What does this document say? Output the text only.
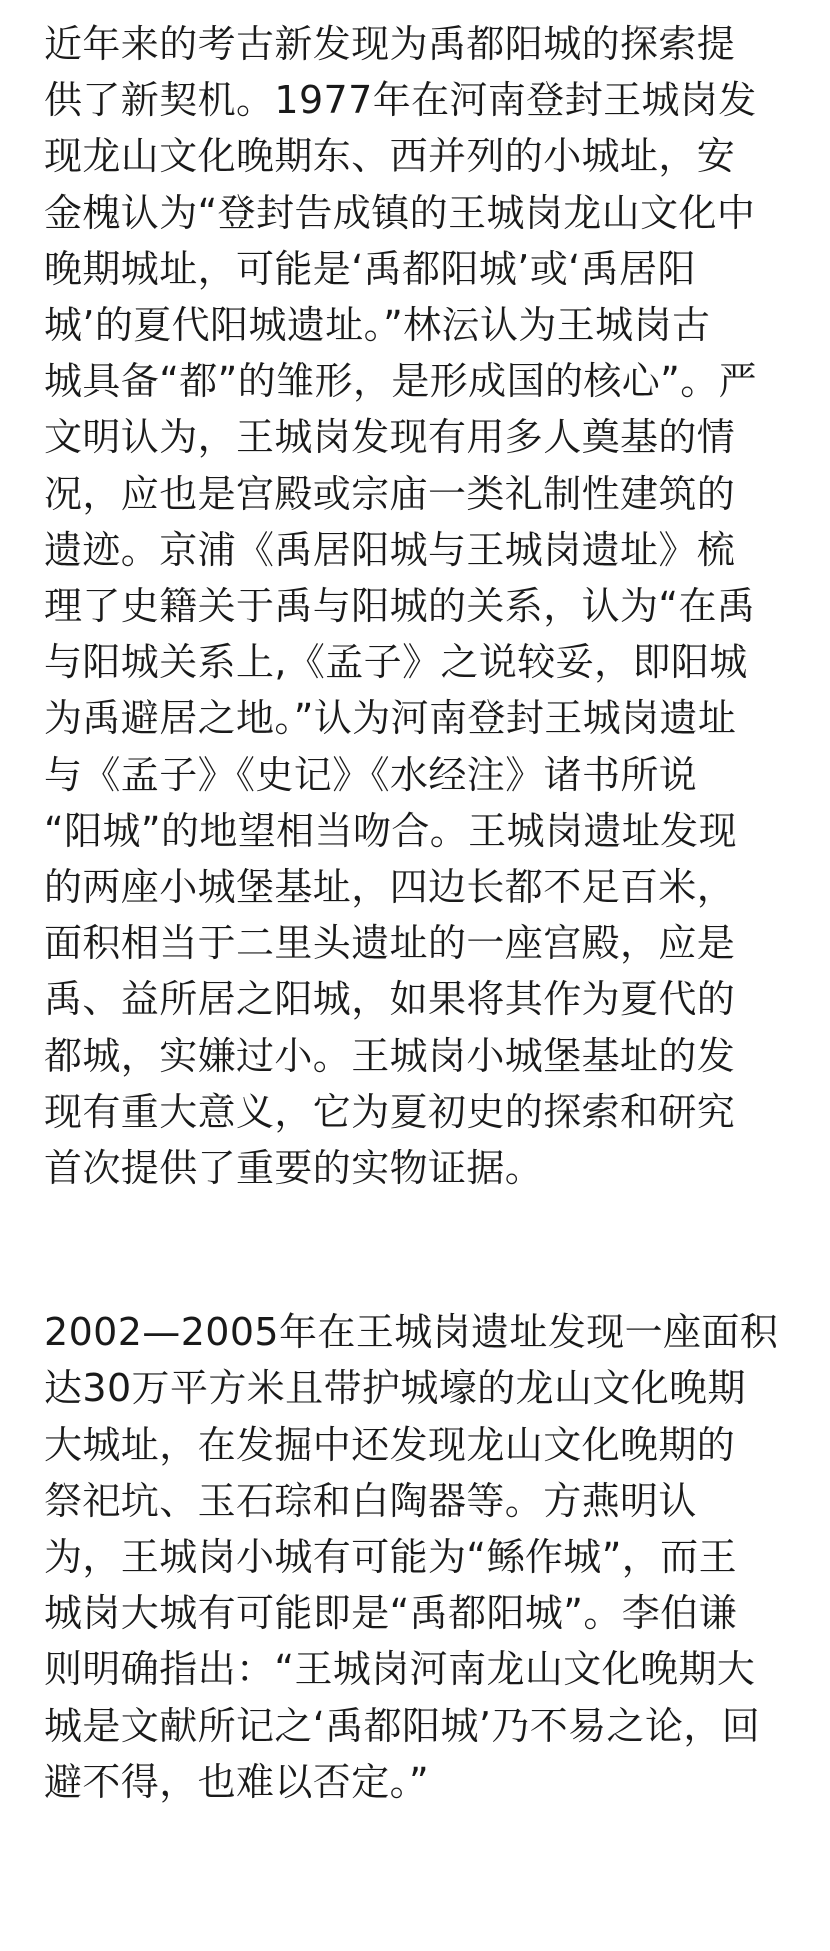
近年来的考古新发现为禹都阳城的探索提
供了新契机。1977年在河南登封王城岗发
现龙山文化晚期东、西并列的小城址，安
金槐认为“登封告成镇的王城岗龙山文化中
晚期城址，可能是‘禹都阳城’或‘禹居阳
城’的夏代阳城遗址。”林沄认为王城岗古
城具备“都”的雏形，是形成国的核心”。严
文明认为，王城岗发现有用多人奠基的情
况，应也是宫殿或宗庙一类礼制性建筑的
遗迹。京浦《禹居阳城与王城岗遗址》梳
理了史籍关于禹与阳城的关系，认为“在禹
与阳城关系上,《孟子》之说较妥，即阳城
为禹避居之地。”认为河南登封王城岗遗址
与《孟子》《史记》《水经注》诸书所说
“阳城”的地望相当吻合。王城岗遗址发现
的两座小城堡基址，四边长都不足百米，
面积相当于二里头遗址的一座宫殿，应是
禹、益所居之阳城，如果将其作为夏代的
都城，实嫌过小。王城岗小城堡基址的发
现有重大意义，它为夏初史的探索和研究
首次提供了重要的实物证据。
2002—2005年在王城岗遗址发现一座面积
达30万平方米且带护城壕的龙山文化晚期
大城址，在发掘中还发现龙山文化晚期的
祭祀坑、玉石琮和白陶器等。方燕明认
为，王城岗小城有可能为“鲧作城”，而王
城岗大城有可能即是“禹都阳城”。李伯谦
则明确指出：“王城岗河南龙山文化晚期大
城是文献所记之‘禹都阳城’乃不易之论，回
避不得，也难以否定。”
